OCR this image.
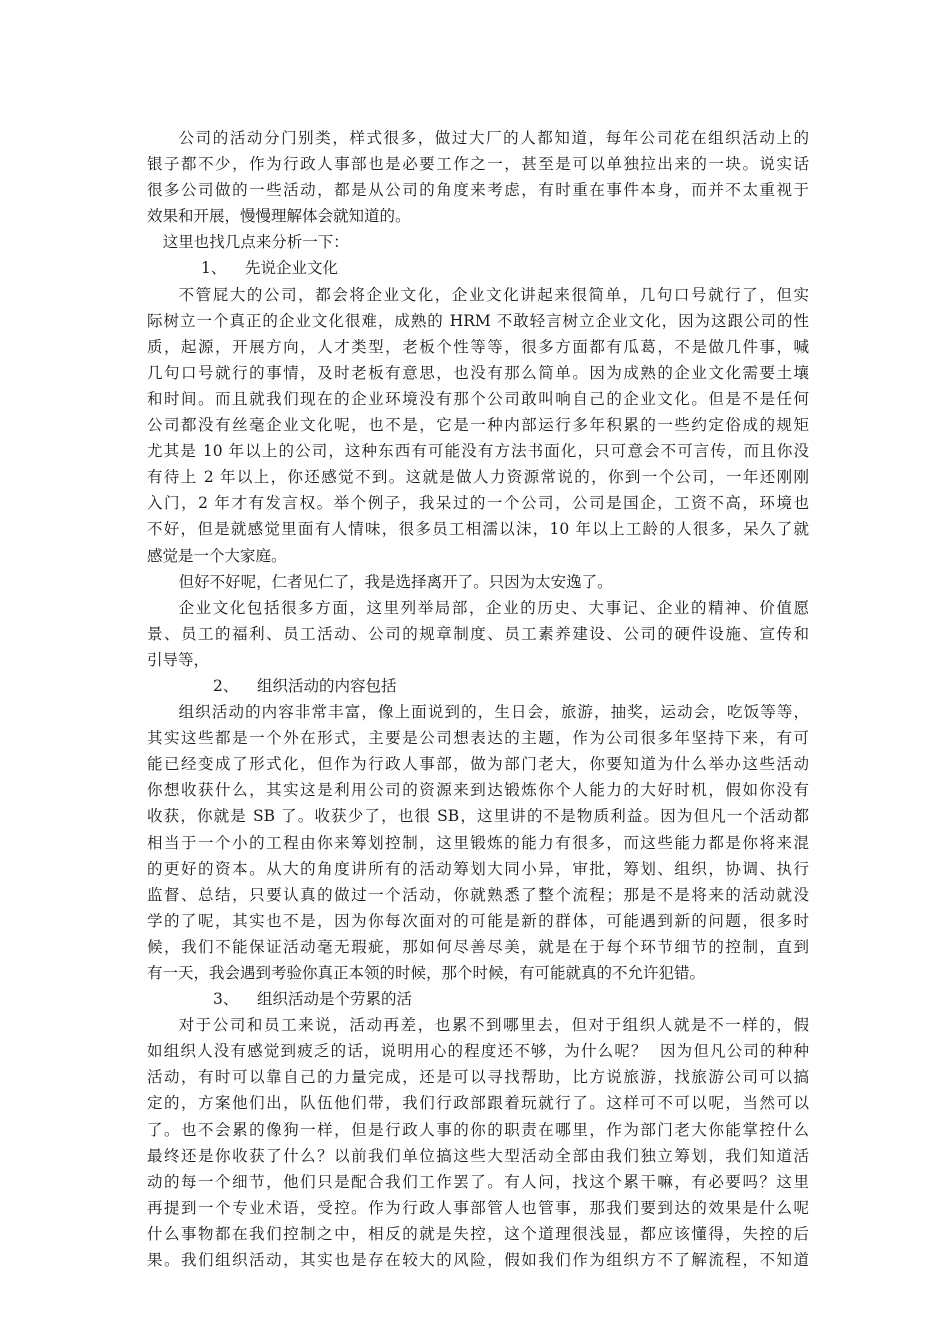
公司的活动分门别类，样式很多，做过大厂的人都知道，每年公司花在组织活动上的
银子都不少，作为行政人事部也是必要工作之一，甚至是可以单独拉出来的一块。说实话
很多公司做的一些活动，都是从公司的角度来考虑，有时重在事件本身，而并不太重视于
效果和开展，慢慢理解体会就知道的。
这里也找几点来分析一下：
1、 先说企业文化
不管屁大的公司，都会将企业文化，企业文化讲起来很简单，几句口号就行了，但实
际树立一个真正的企业文化很难，成熟的 HRM 不敢轻言树立企业文化，因为这跟公司的性
质，起源，开展方向，人才类型，老板个性等等，很多方面都有瓜葛，不是做几件事，喊
几句口号就行的事情，及时老板有意思，也没有那么简单。因为成熟的企业文化需要土壤
和时间。而且就我们现在的企业环境没有那个公司敢叫响自己的企业文化。但是不是任何
公司都没有丝毫企业文化呢，也不是，它是一种内部运行多年积累的一些约定俗成的规矩
尤其是 10 年以上的公司，这种东西有可能没有方法书面化，只可意会不可言传，而且你没
有待上 2 年以上，你还感觉不到。这就是做人力资源常说的，你到一个公司，一年还刚刚
入门，2 年才有发言权。举个例子，我呆过的一个公司，公司是国企，工资不高，环境也
不好，但是就感觉里面有人情味，很多员工相濡以沫，10 年以上工龄的人很多，呆久了就
感觉是一个大家庭。
但好不好呢，仁者见仁了，我是选择离开了。只因为太安逸了。
企业文化包括很多方面，这里列举局部，企业的历史、大事记、企业的精神、价值愿
景、员工的福利、员工活动、公司的规章制度、员工素养建设、公司的硬件设施、宣传和
引导等，
2、 组织活动的内容包括
组织活动的内容非常丰富，像上面说到的，生日会，旅游，抽奖，运动会，吃饭等等，
其实这些都是一个外在形式，主要是公司想表达的主题，作为公司很多年坚持下来，有可
能已经变成了形式化，但作为行政人事部，做为部门老大，你要知道为什么举办这些活动
你想收获什么，其实这是利用公司的资源来到达锻炼你个人能力的大好时机，假如你没有
收获，你就是 SB 了。收获少了，也很 SB，这里讲的不是物质利益。因为但凡一个活动都
相当于一个小的工程由你来筹划控制，这里锻炼的能力有很多，而这些能力都是你将来混
的更好的资本。从大的角度讲所有的活动筹划大同小异，审批，筹划、组织，协调、执行
监督、总结，只要认真的做过一个活动，你就熟悉了整个流程；那是不是将来的活动就没
学的了呢，其实也不是，因为你每次面对的可能是新的群体，可能遇到新的问题，很多时
候，我们不能保证活动毫无瑕疵，那如何尽善尽美，就是在于每个环节细节的控制，直到
有一天，我会遇到考验你真正本领的时候，那个时候，有可能就真的不允许犯错。
3、 组织活动是个劳累的活
对于公司和员工来说，活动再差，也累不到哪里去，但对于组织人就是不一样的，假
如组织人没有感觉到疲乏的话，说明用心的程度还不够，为什么呢？  因为但凡公司的种种
活动，有时可以靠自己的力量完成，还是可以寻找帮助，比方说旅游，找旅游公司可以搞
定的，方案他们出，队伍他们带，我们行政部跟着玩就行了。这样可不可以呢，当然可以
了。也不会累的像狗一样，但是行政人事的你的职责在哪里，作为部门老大你能掌控什么
最终还是你收获了什么？以前我们单位搞这些大型活动全部由我们独立筹划，我们知道活
动的每一个细节，他们只是配合我们工作罢了。有人问，找这个累干嘛，有必要吗？这里
再提到一个专业术语，受控。作为行政人事部管人也管事，那我们要到达的效果是什么呢
什么事物都在我们控制之中，相反的就是失控，这个道理很浅显，都应该懂得，失控的后
果。我们组织活动，其实也是存在较大的风险，假如我们作为组织方不了解流程，不知道
